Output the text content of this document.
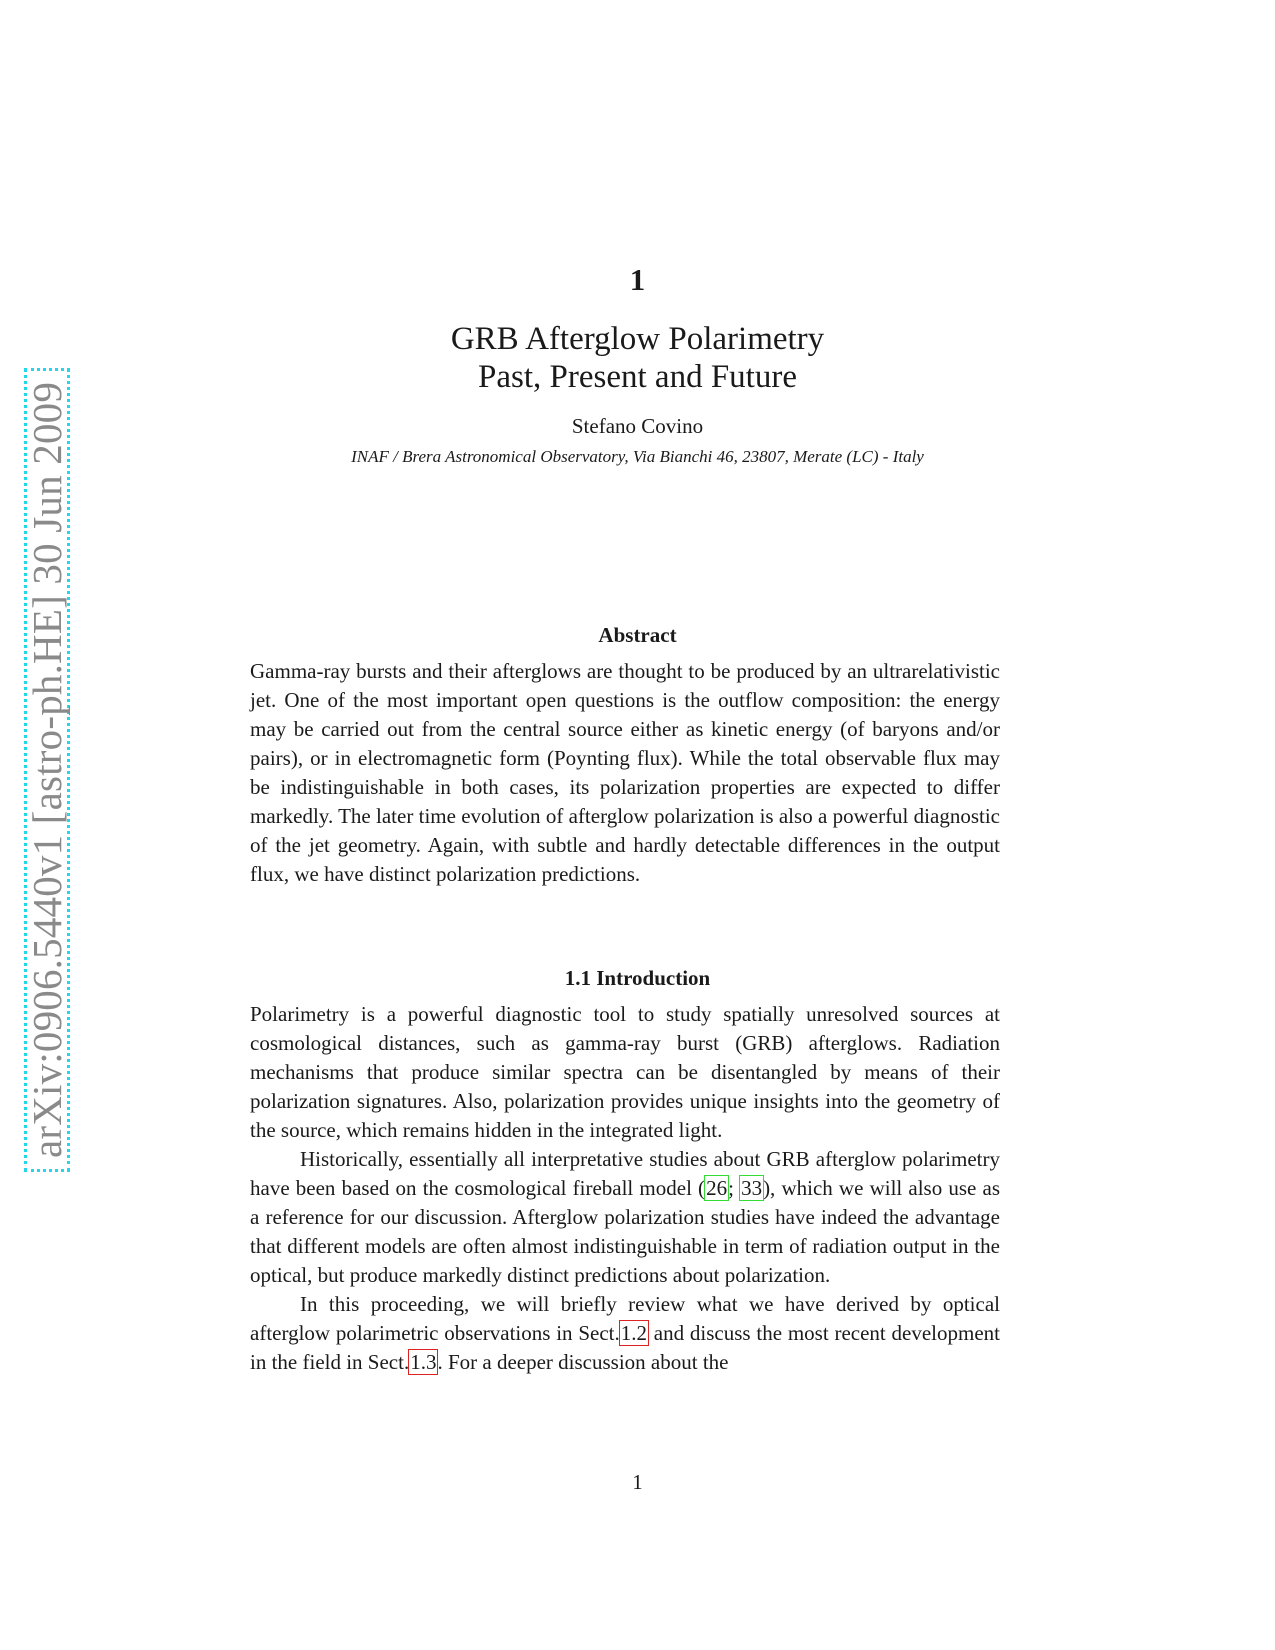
arXiv:0906.5440v1 [astro-ph.HE] 30 Jun 2009
1
GRB Afterglow Polarimetry
Past, Present and Future

Stefano Covino

INAF / Brera Astronomical Observatory, Via Bianchi 46, 23807, Merate (LC) - Italy

Abstract

Gamma-ray bursts and their afterglows are thought to be produced by an ultrarelativistic jet. One of the most important open questions is the outflow composition: the energy may be carried out from the central source either as kinetic energy (of baryons and/or pairs), or in electromagnetic form (Poynting flux). While the total observable flux may be indistinguishable in both cases, its polarization properties are expected to differ markedly. The later time evolution of afterglow polarization is also a powerful diagnostic of the jet geometry. Again, with subtle and hardly detectable differences in the output flux, we have distinct polarization predictions.

1.1 Introduction

Polarimetry is a powerful diagnostic tool to study spatially unresolved sources at cosmological distances, such as gamma-ray burst (GRB) afterglows. Radiation mechanisms that produce similar spectra can be disentangled by means of their polarization signatures. Also, polarization provides unique insights into the geometry of the source, which remains hidden in the integrated light.

Historically, essentially all interpretative studies about GRB afterglow polarimetry have been based on the cosmological fireball model (26; 33), which we will also use as a reference for our discussion. Afterglow polarization studies have indeed the advantage that different models are often almost indistinguishable in term of radiation output in the optical, but produce markedly distinct predictions about polarization.

In this proceeding, we will briefly review what we have derived by optical afterglow polarimetric observations in Sect.1.2 and discuss the most recent development in the field in Sect.1.3. For a deeper discussion about the

1
